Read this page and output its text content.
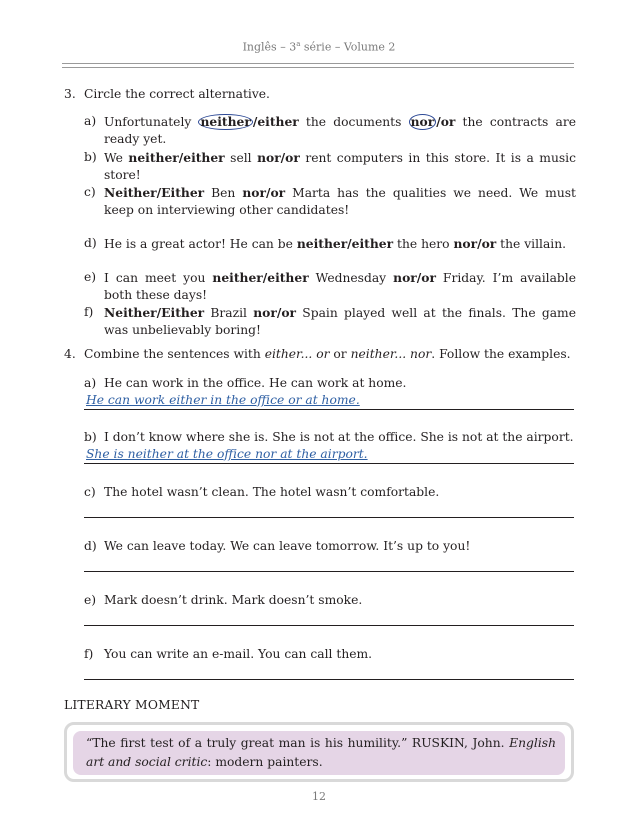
Inglês – 3$^a$ série – Volume 2
3. Circle the correct alternative.
a) Unfortunately neither /either the documents nor /or the contracts are ready yet.
b) We neither/either sell nor/or rent computers in this store. It is a music store!
c) Neither/Either Ben nor/or Marta has the qualities we need. We must keep on interviewing other candidates!
d) He is a great actor! He can be neither/either the hero nor/or the villain.
e) I can meet you neither/either Wednesday nor/or Friday. I’m available both these days!
f) Neither/Either Brazil nor/or Spain played well at the finals. The game was unbelievably boring!
4. Combine the sentences with either... or or neither... nor. Follow the examples.
a) He can work in the office. He can work at home.
He can work either in the office or at home.
b) I don’t know where she is. She is not at the office. She is not at the airport.
She is neither at the office nor at the airport.
c) The hotel wasn’t clean. The hotel wasn’t comfortable.
d) We can leave today. We can leave tomorrow. It’s up to you!
e) Mark doesn’t drink. Mark doesn’t smoke.
f) You can write an e-mail. You can call them.
LITERARY MOMENT
“The first test of a truly great man is his humility.” RUSKIN, John. English art and social critic: modern painters.
12
